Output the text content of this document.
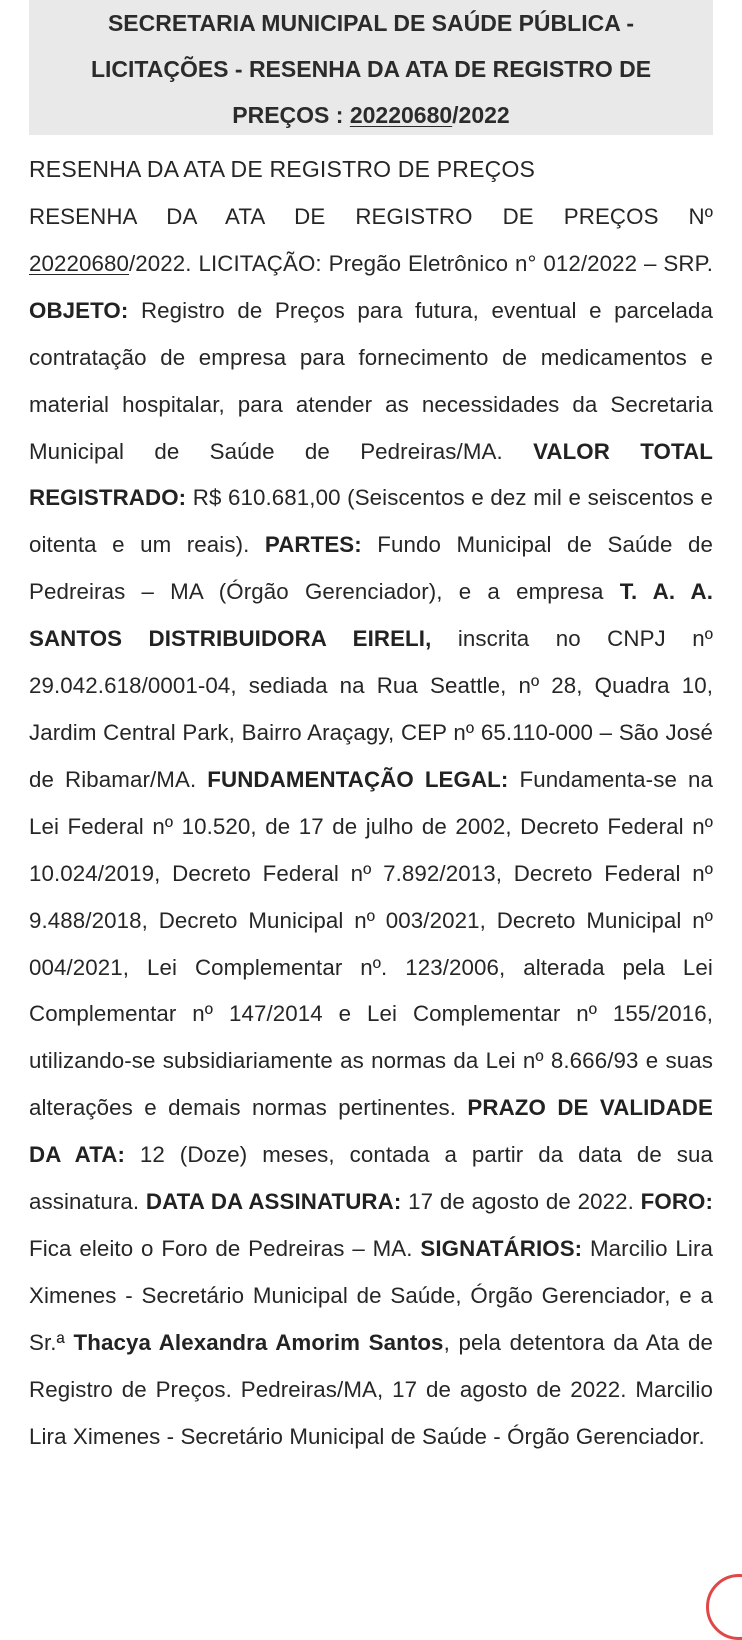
SECRETARIA MUNICIPAL DE SAÚDE PÚBLICA -
LICITAÇÕES - RESENHA DA ATA DE REGISTRO DE
PREÇOS : 20220680/2022
RESENHA DA ATA DE REGISTRO DE PREÇOS
RESENHA DA ATA DE REGISTRO DE PREÇOS Nº 20220680/2022. LICITAÇÃO: Pregão Eletrônico n° 012/2022 – SRP. OBJETO: Registro de Preços para futura, eventual e parcelada contratação de empresa para fornecimento de medicamentos e material hospitalar, para atender as necessidades da Secretaria Municipal de Saúde de Pedreiras/MA. VALOR TOTAL REGISTRADO: R$ 610.681,00 (Seiscentos e dez mil e seiscentos e oitenta e um reais). PARTES: Fundo Municipal de Saúde de Pedreiras – MA (Órgão Gerenciador), e a empresa T. A. A. SANTOS DISTRIBUIDORA EIRELI, inscrita no CNPJ nº 29.042.618/0001-04, sediada na Rua Seattle, nº 28, Quadra 10, Jardim Central Park, Bairro Araçagy, CEP nº 65.110-000 – São José de Ribamar/MA. FUNDAMENTAÇÃO LEGAL: Fundamenta-se na Lei Federal nº 10.520, de 17 de julho de 2002, Decreto Federal nº 10.024/2019, Decreto Federal nº 7.892/2013, Decreto Federal nº 9.488/2018, Decreto Municipal nº 003/2021, Decreto Municipal nº 004/2021, Lei Complementar nº. 123/2006, alterada pela Lei Complementar nº 147/2014 e Lei Complementar nº 155/2016, utilizando-se subsidiariamente as normas da Lei nº 8.666/93 e suas alterações e demais normas pertinentes. PRAZO DE VALIDADE DA ATA: 12 (Doze) meses, contada a partir da data de sua assinatura. DATA DA ASSINATURA: 17 de agosto de 2022. FORO: Fica eleito o Foro de Pedreiras – MA. SIGNATÁRIOS: Marcilio Lira Ximenes - Secretário Municipal de Saúde, Órgão Gerenciador, e a Sr.ª Thacya Alexandra Amorim Santos, pela detentora da Ata de Registro de Preços. Pedreiras/MA, 17 de agosto de 2022. Marcilio Lira Ximenes - Secretário Municipal de Saúde - Órgão Gerenciador.
